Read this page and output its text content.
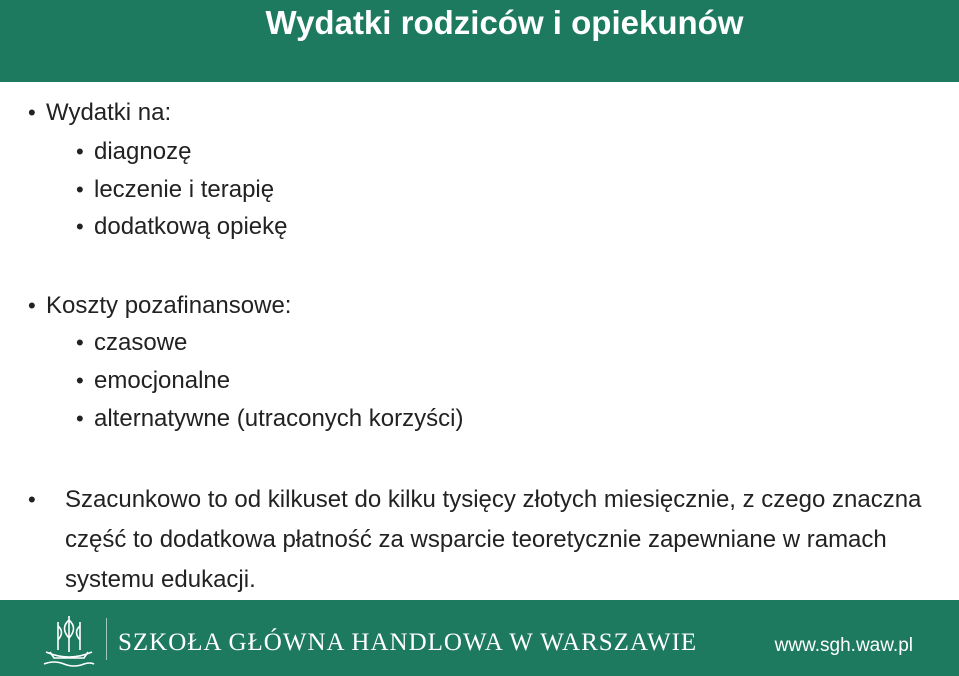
Wydatki rodziców i opiekunów
• Wydatki na:
• diagnozę
• leczenie i terapię
• dodatkową opiekę
• Koszty pozafinansowe:
• czasowe
• emocjonalne
• alternatywne (utraconych korzyści)
•	Szacunkowo to od kilkuset do kilku tysięcy złotych miesięcznie, z czego znaczna część to dodatkowa płatność za wsparcie teoretycznie zapewniane w ramach systemu edukacji.
SZKOŁA GŁÓWNA HANDLOWA W WARSZAWIE	www.sgh.waw.pl
